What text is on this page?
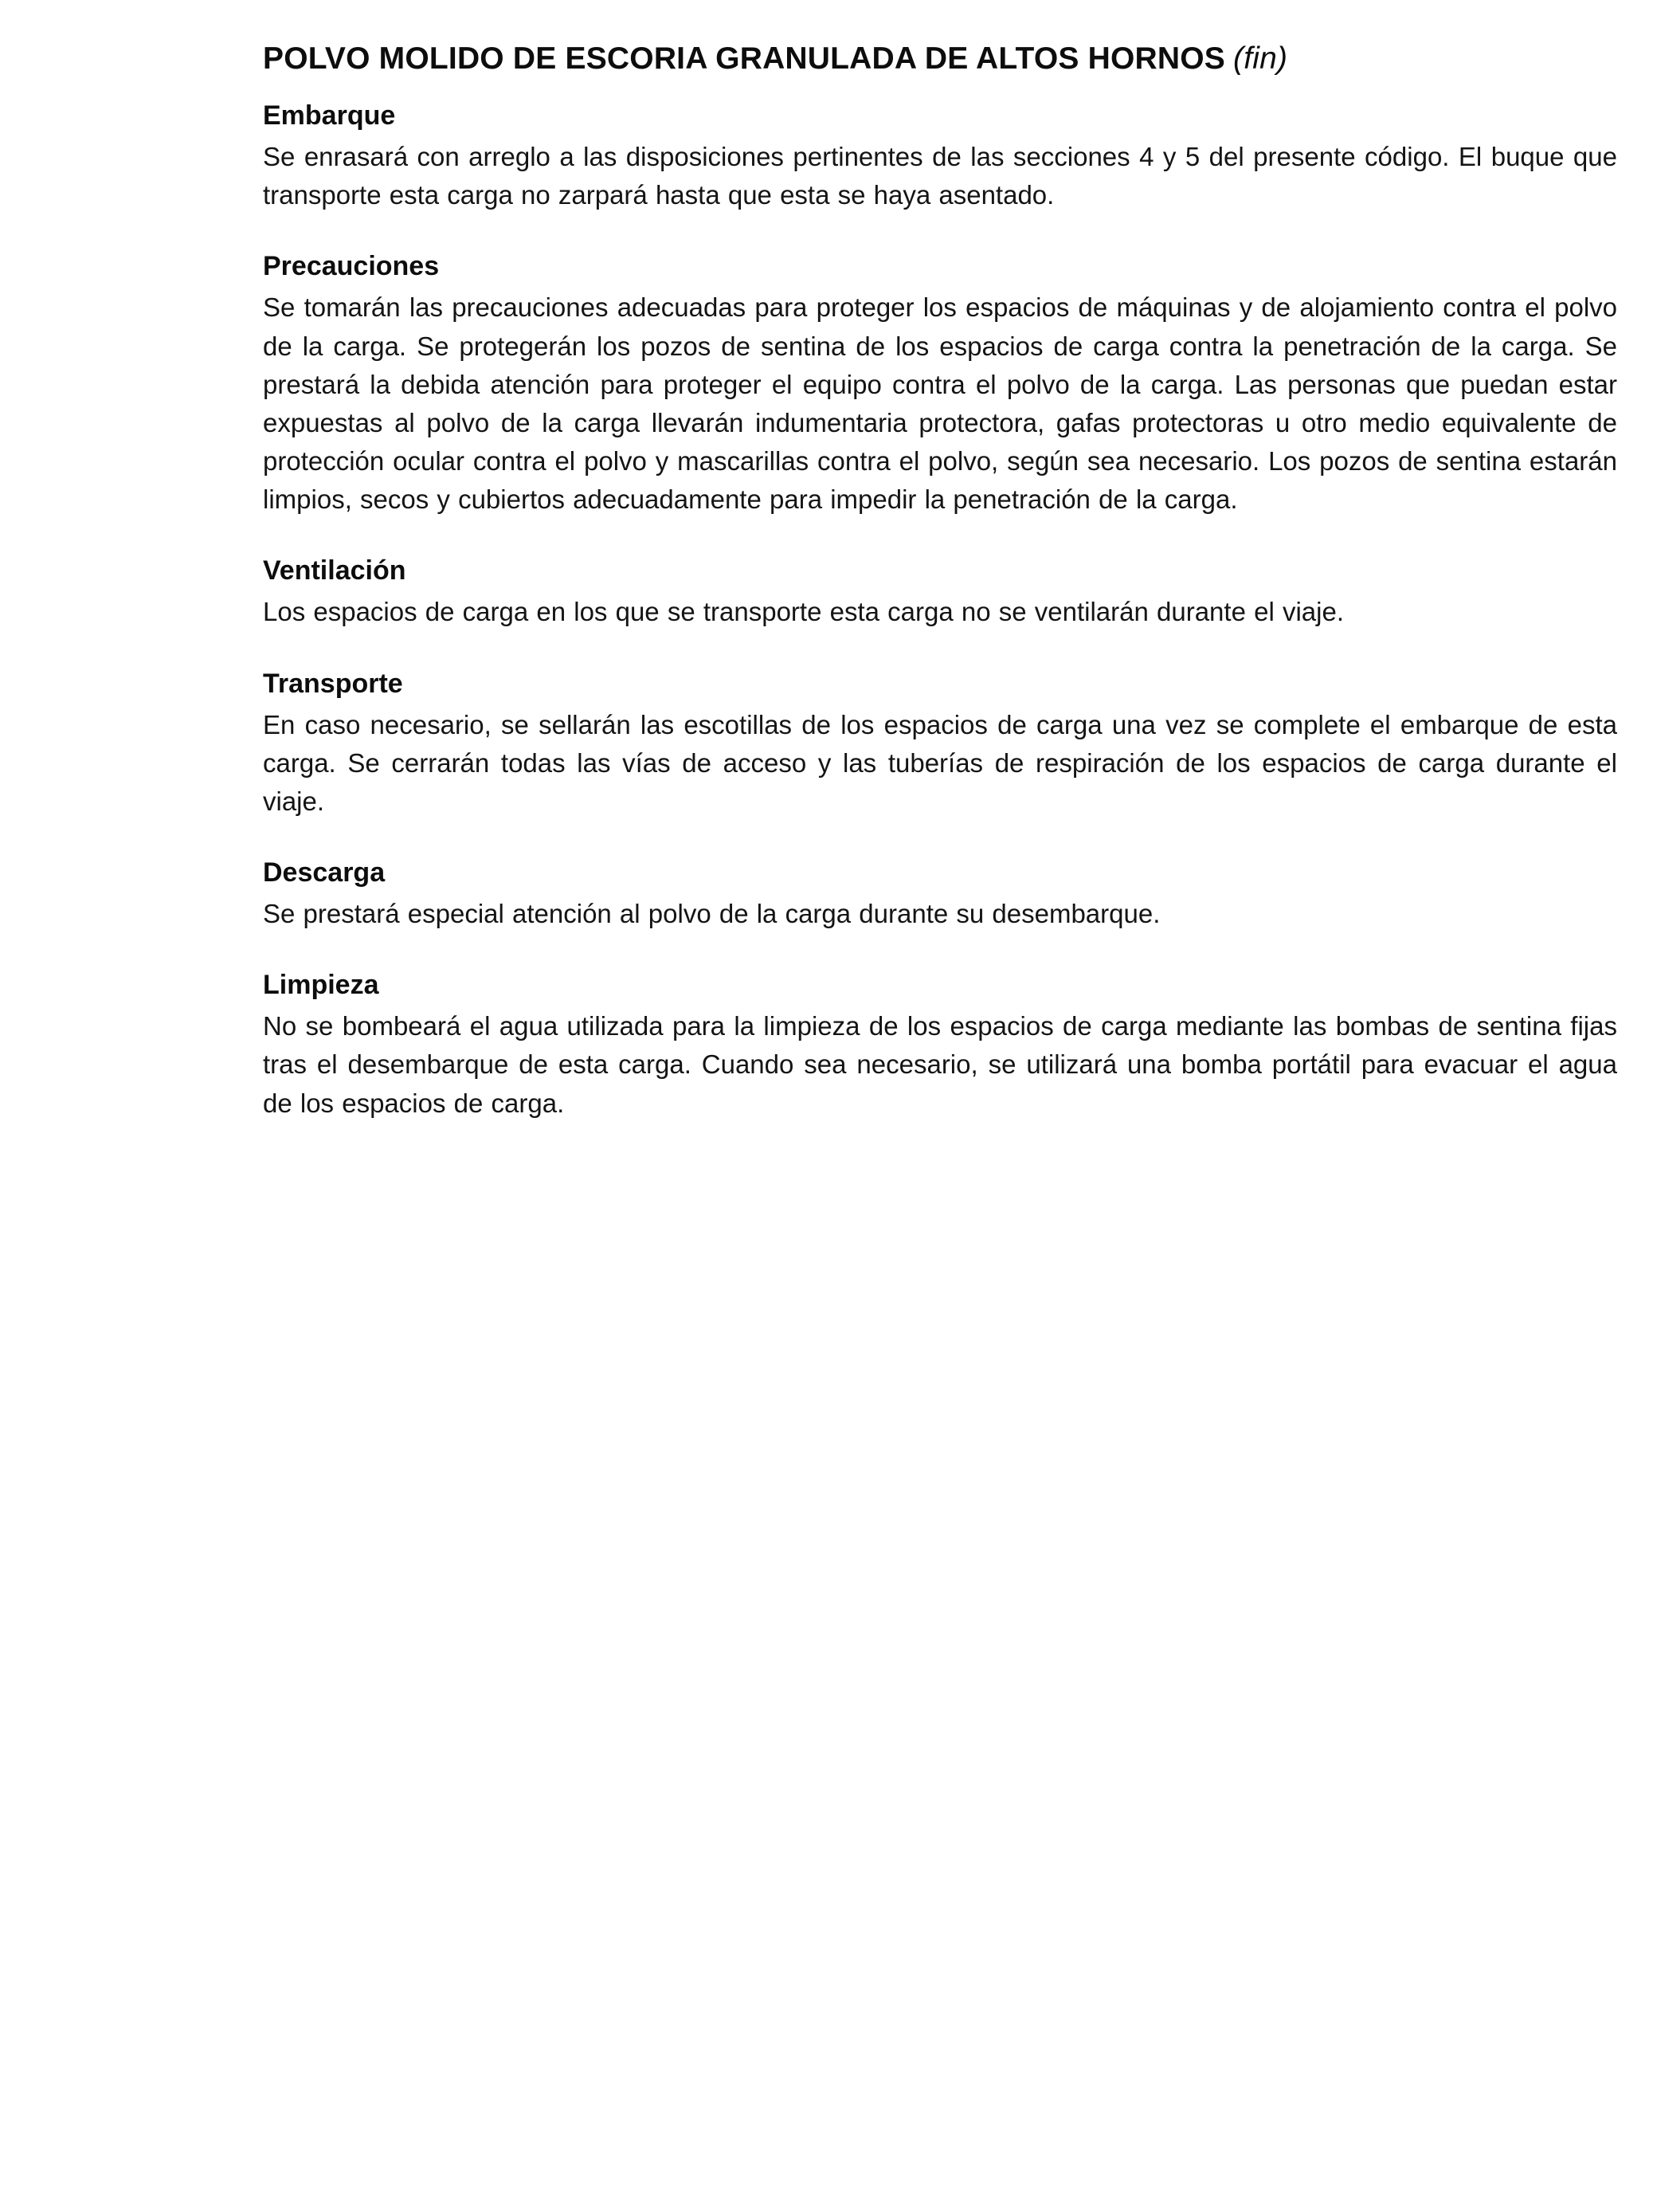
POLVO MOLIDO DE ESCORIA GRANULADA DE ALTOS HORNOS (fin)
Embarque

Se enrasará con arreglo a las disposiciones pertinentes de las secciones 4 y 5 del presente código. El buque que transporte esta carga no zarpará hasta que esta se haya asentado.

Precauciones

Se tomarán las precauciones adecuadas para proteger los espacios de máquinas y de alojamiento contra el polvo de la carga. Se protegerán los pozos de sentina de los espacios de carga contra la penetración de la carga. Se prestará la debida atención para proteger el equipo contra el polvo de la carga. Las personas que puedan estar expuestas al polvo de la carga llevarán indumentaria protectora, gafas protectoras u otro medio equivalente de protección ocular contra el polvo y mascarillas contra el polvo, según sea necesario. Los pozos de sentina estarán limpios, secos y cubiertos adecuadamente para impedir la penetración de la carga.

Ventilación

Los espacios de carga en los que se transporte esta carga no se ventilarán durante el viaje.

Transporte

En caso necesario, se sellarán las escotillas de los espacios de carga una vez se complete el embarque de esta carga. Se cerrarán todas las vías de acceso y las tuberías de respiración de los espacios de carga durante el viaje.

Descarga

Se prestará especial atención al polvo de la carga durante su desembarque.

Limpieza

No se bombeará el agua utilizada para la limpieza de los espacios de carga mediante las bombas de sentina fijas tras el desembarque de esta carga. Cuando sea necesario, se utilizará una bomba portátil para evacuar el agua de los espacios de carga.
